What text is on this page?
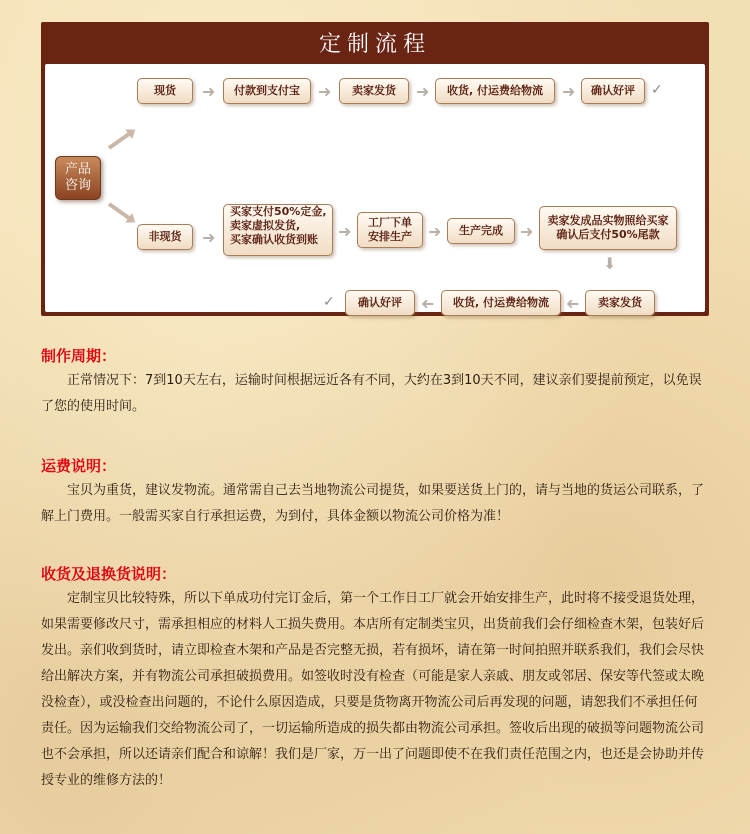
定制流程
产品
咨询
现货	➜	付款到支付宝	➜	卖家发货	➜	收货, 付运费给物流	➜	确认好评	✓
非现货	➜
买家支付50%定金,
卖家虚拟发货,
买家确认收货到账 ➜ 工厂下单
安排生产 ➜	生产完成	➜
卖家发成品实物照给买家
确认后支付50%尾款
⬇
✓	确认好评	➜	收货, 付运费给物流	➜	卖家发货
制作周期：
正常情况下：7到10天左右，运输时间根据远近各有不同，大约在3到10天不同，建议亲们要提前预定，以免误了您的使用时间。
运费说明：
宝贝为重货，建议发物流。通常需自己去当地物流公司提货，如果要送货上门的，请与当地的货运公司联系，了解上门费用。一般需买家自行承担运费，为到付，具体金额以物流公司价格为准！
收货及退换货说明：
定制宝贝比较特殊，所以下单成功付完订金后，第一个工作日工厂就会开始安排生产，此时将不接受退货处理，如果需要修改尺寸，需承担相应的材料人工损失费用。本店所有定制类宝贝，出货前我们会仔细检查木架，包装好后发出。亲们收到货时，请立即检查木架和产品是否完整无损，若有损坏，请在第一时间拍照并联系我们，我们会尽快给出解决方案，并有物流公司承担破损费用。如签收时没有检查（可能是家人亲戚、朋友或邻居、保安等代签或太晚没检查），或没检查出问题的，不论什么原因造成，只要是货物离开物流公司后再发现的问题，请恕我们不承担任何责任。因为运输我们交给物流公司了，一切运输所造成的损失都由物流公司承担。签收后出现的破损等问题物流公司也不会承担，所以还请亲们配合和谅解！我们是厂家，万一出了问题即使不在我们责任范围之内，也还是会协助并传授专业的维修方法的！
